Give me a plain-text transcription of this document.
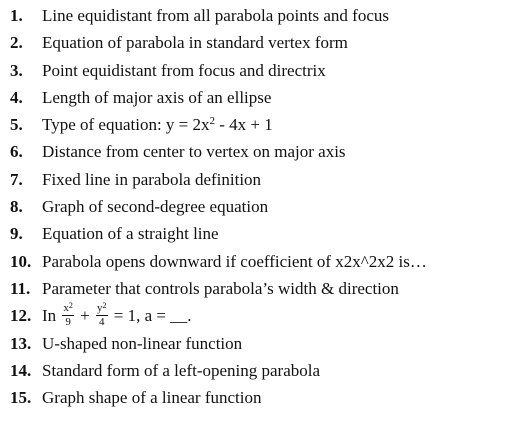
1.	Line equidistant from all parabola points and focus
2.	Equation of parabola in standard vertex form
3.	Point equidistant from focus and directrix
4.	Length of major axis of an ellipse
5.	Type of equation: $y = 2x^2 - 4x + 1$
6.	Distance from center to vertex on major axis
7.	Fixed line in parabola definition
8.	Graph of second-degree equation
9.	Equation of a straight line
10. Parabola opens downward if coefficient of x2x^2x2 is…
11. Parameter that controls parabola’s width & direction
12. In $\frac{x^2}{9} + \frac{y^2}{4} = 1$, a = __.
13. U-shaped non-linear function
14. Standard form of a left-opening parabola
15. Graph shape of a linear function
